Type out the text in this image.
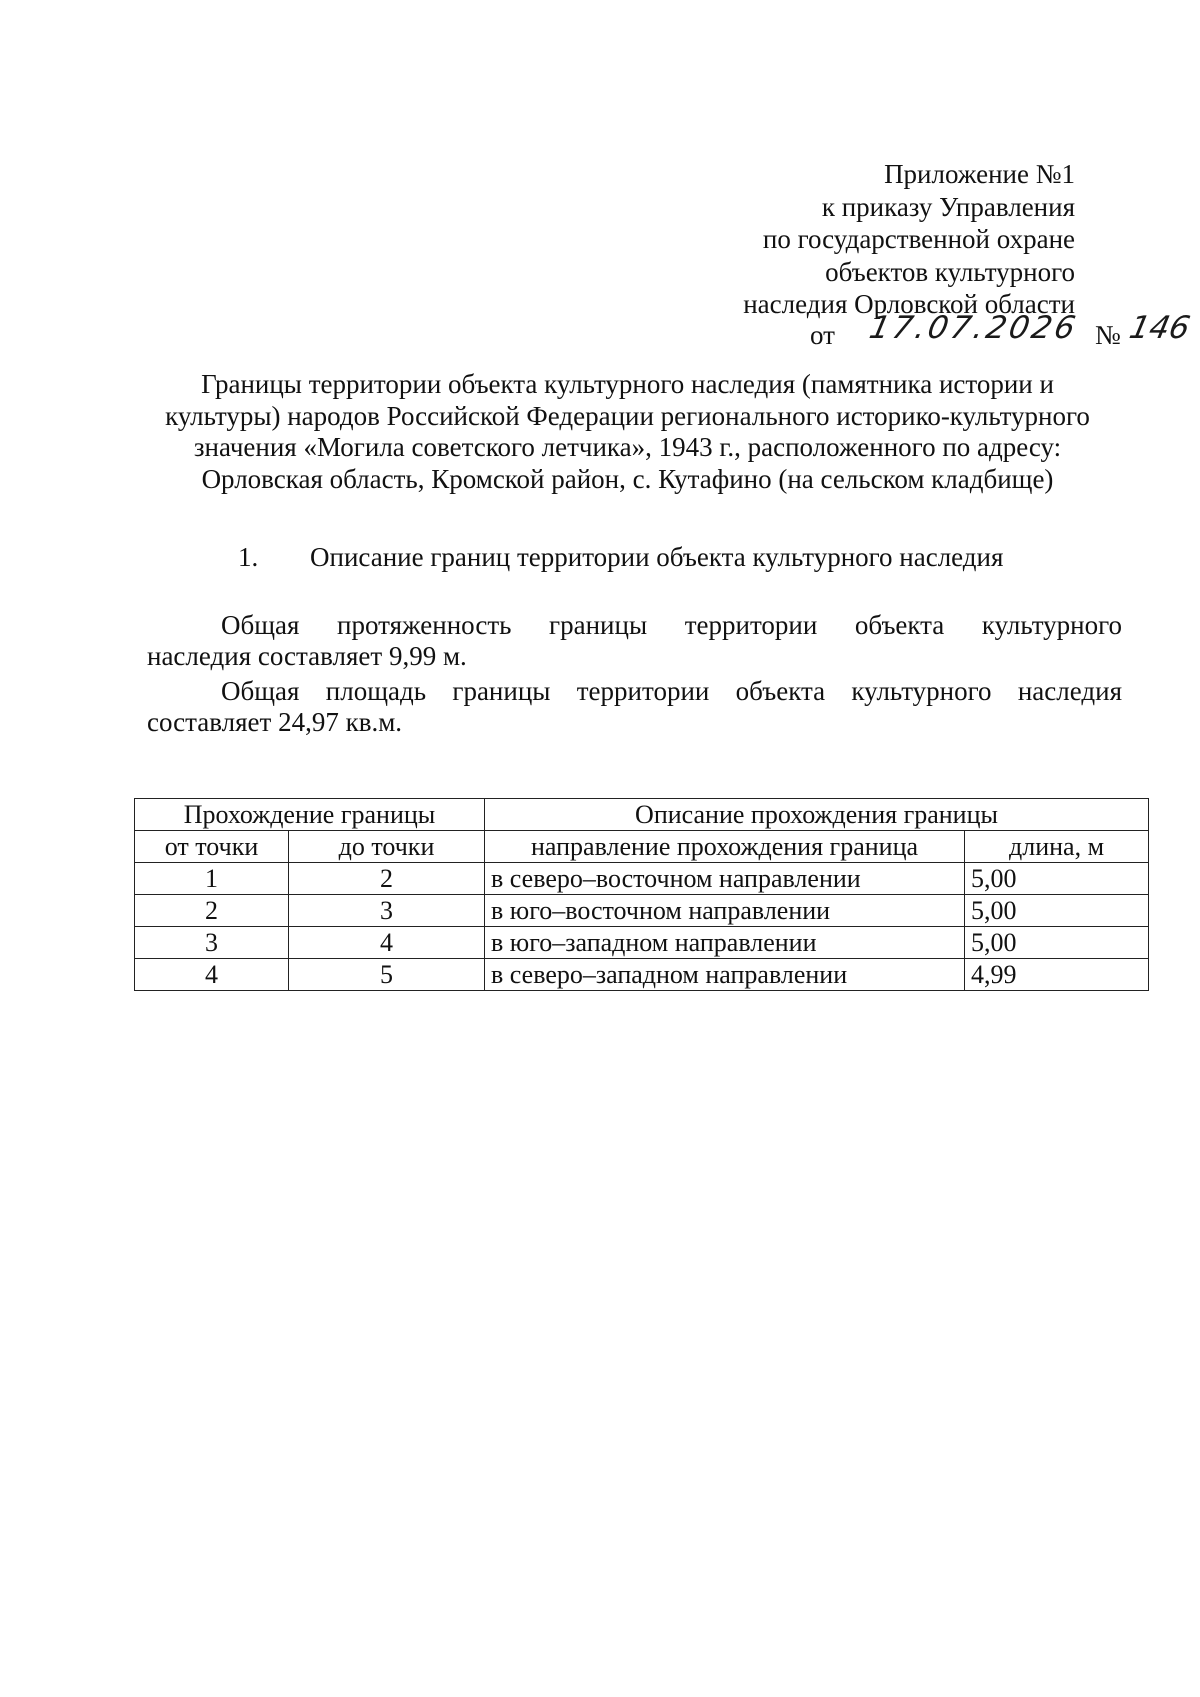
Приложение №1
к приказу Управления
по государственной охране
объектов культурного
наследия Орловской области
от 17.07.2026 № 146
Границы территории объекта культурного наследия (памятника истории и
культуры) народов Российской Федерации регионального историко-культурного
значения «Могила советского летчика», 1943 г., расположенного по адресу:
Орловская область, Кромской район, с. Кутафино (на сельском кладбище)
1. Описание границ территории объекта культурного наследия
Общая протяженность границы территории объекта культурного
наследия составляет 9,99 м.
Общая площадь границы территории объекта культурного наследия
составляет 24,97 кв.м.
Прохождение границы		Описание прохождения границы	
от точки	до точки	направление прохождения граница	длина, м
1	2	в северо–восточном направлении	5,00
2	3	в юго–восточном направлении	5,00
3	4	в юго–западном направлении	5,00
4	5	в северо–западном направлении	4,99
